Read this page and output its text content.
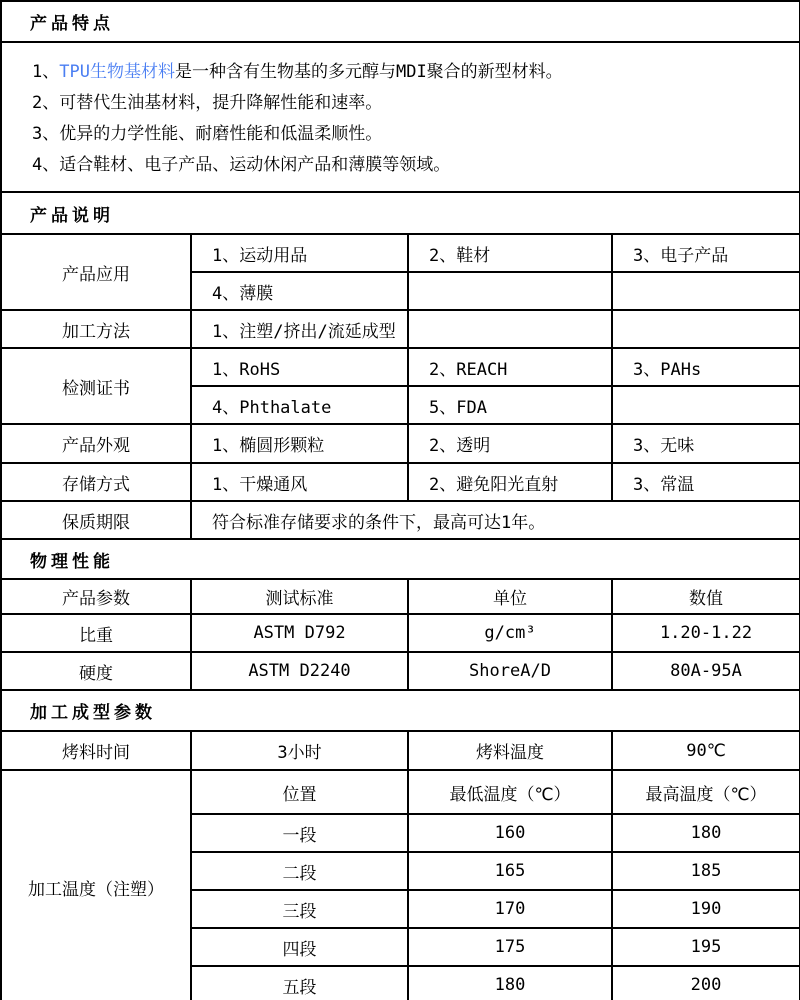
产品特点			

1、TPU生物基材料是一种含有生物基的多元醇与MDI聚合的新型材料。
2、可替代生油基材料，提升降解性能和速率。
3、优异的力学性能、耐磨性能和低温柔顺性。
4、适合鞋材、电子产品、运动休闲产品和薄膜等领域。			

产品说明			
产品应用	1、运动用品	2、鞋材	3、电子产品
	4、薄膜		
加工方法	1、注塑/挤出/流延成型		
检测证书	1、RoHS	2、REACH	3、PAHs
	4、Phthalate	5、FDA	
产品外观	1、椭圆形颗粒	2、透明	3、无味
存储方式	1、干燥通风	2、避免阳光直射	3、常温
保质期限	符合标准存储要求的条件下，最高可达1年。		
物理性能			
产品参数	测试标准	单位	数值
比重	ASTM D792	g/cm³	1.20-1.22
硬度	ASTM D2240	ShoreA/D	80A-95A
加工成型参数			
烤料时间	3小时	烤料温度	90℃
加工温度（注塑）	位置	最低温度（℃）	最高温度（℃）
	一段	160	180
	二段	165	185
	三段	170	190
	四段	175	195
	五段	180	200
